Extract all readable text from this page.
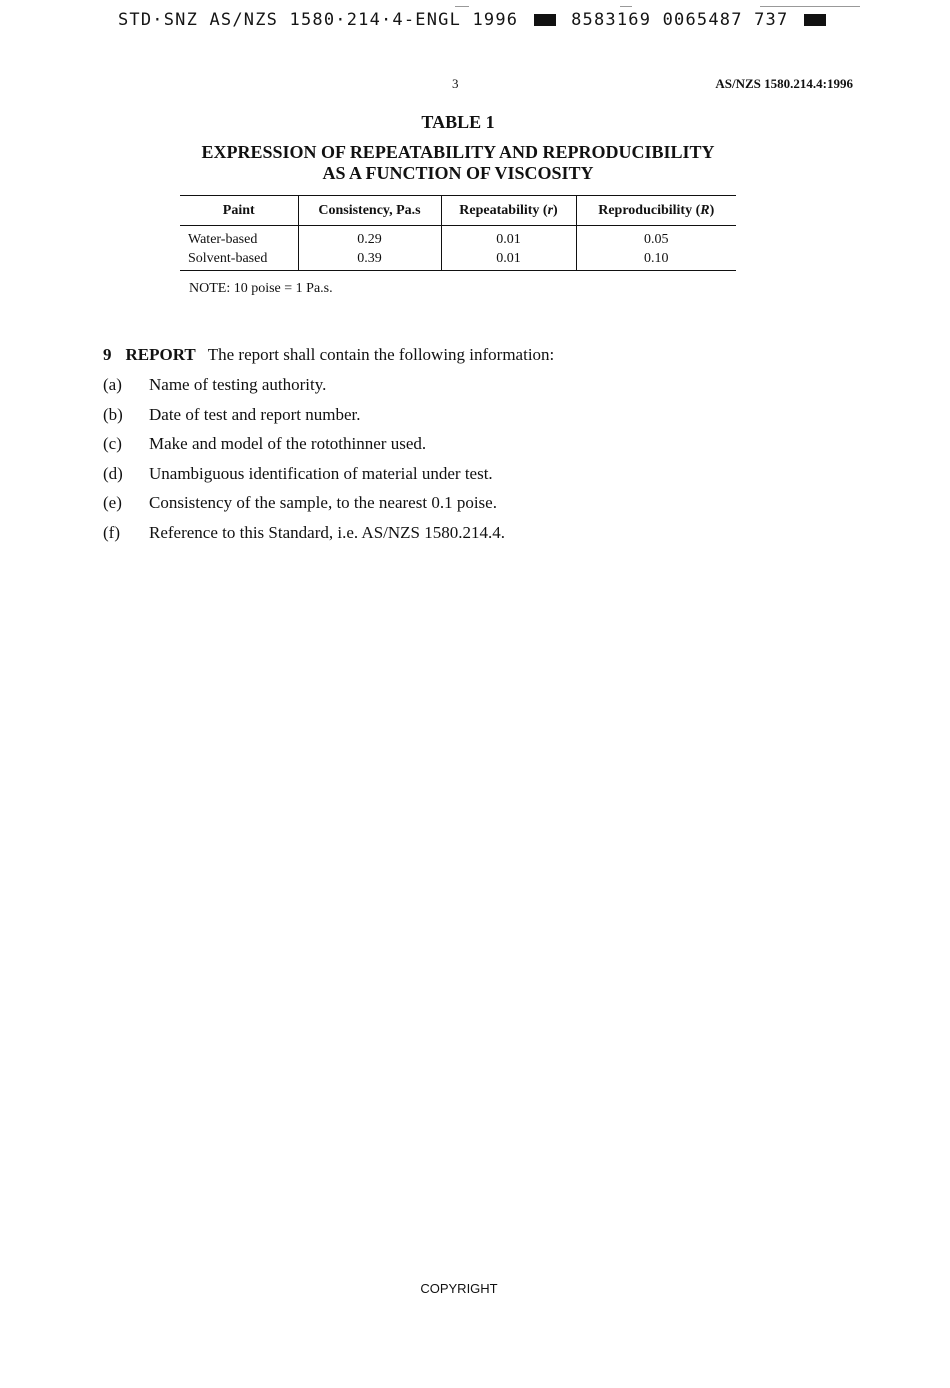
STD·SNZ AS/NZS 1580·214·4-ENGL 1996	8583169 0065487 737
3	AS/NZS 1580.214.4:1996
TABLE 1
EXPRESSION OF REPEATABILITY AND REPRODUCIBILITY
AS A FUNCTION OF VISCOSITY
Paint	Consistency, Pa.s	Repeatability (r)	Reproducibility (R)
Water-based	0.29	0.01	0.05
Solvent-based	0.39	0.01	0.10
NOTE: 10 poise = 1 Pa.s.
9 REPORT The report shall contain the following information:
(a)	Name of testing authority.
(b)	Date of test and report number.
(c)	Make and model of the rotothinner used.
(d)	Unambiguous identification of material under test.
(e)	Consistency of the sample, to the nearest 0.1 poise.
(f)	Reference to this Standard, i.e. AS/NZS 1580.214.4.
COPYRIGHT
